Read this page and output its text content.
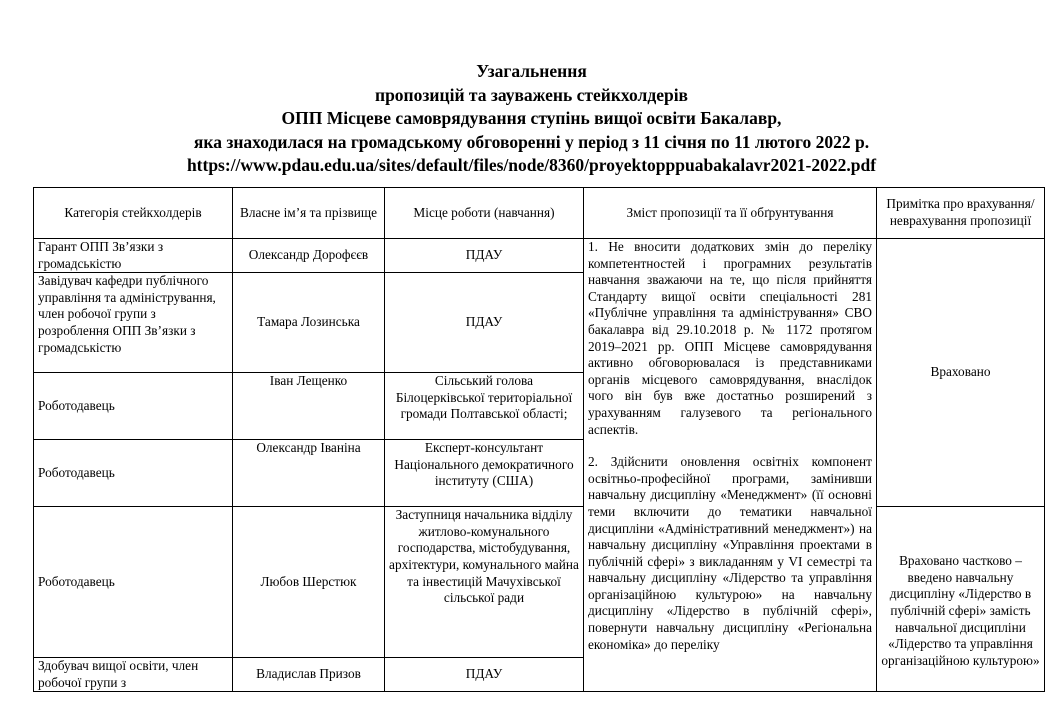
Узагальнення
пропозицій та зауважень стейкхолдерів
ОПП Місцеве самоврядування ступінь вищої освіти Бакалавр,
яка знаходилася на громадському обговоренні у період з 11 січня по 11 лютого 2022 р.
https://www.pdau.edu.ua/sites/default/files/node/8360/proyektopppuabakalavr2021-2022.pdf
Категорія стейкхолдерів	Власне ім’я та прізвище	Місце роботи (навчання)	Зміст пропозиції та її обґрунтування	Примітка про врахування/неврахування пропозиції
Гарант ОПП Зв’язки з громадськістю	Олександр Дорофєєв	ПДАУ	1. Не вносити додаткових змін до переліку компетентностей і програмних результатів навчання зважаючи на те, що після прийняття Стандарту вищої освіти спеціальності 281 «Публічне управління та адміністрування» СВО бакалавра від 29.10.2018 р. № 1172 протягом 2019–2021 рр. ОПП Місцеве самоврядування активно обговорювалася із представниками органів місцевого самоврядування, внаслідок чого він був вже достатньо розширений з урахуванням галузевого та регіонального аспектів.

2. Здійснити оновлення освітніх компонент освітньо-професійної програми, замінивши навчальну дисципліну «Менеджмент» (її основні теми включити до тематики навчальної дисципліни «Адміністративний менеджмент») на навчальну дисципліну «Управління проектами в публічній сфері» з викладанням у VI семестрі та навчальну дисципліну «Лідерство та управління організаційною культурою» на навчальну дисципліну «Лідерство в публічній сфері», повернути навчальну дисципліну «Регіональна економіка» до переліку	Враховано
Завідувач кафедри публічного управління та адміністрування, член робочої групи з розроблення ОПП Зв’язки з громадськістю	Тамара Лозинська	ПДАУ		
Роботодавець	Іван Лещенко	Сільський голова Білоцерківської територіальної громади Полтавської області;		
Роботодавець	Олександр Іваніна	Експерт-консультант Національного демократичного інституту (США)		
Роботодавець	Любов Шерстюк	Заступниця начальника відділу житлово-комунального господарства, містобудування, архітектури, комунального майна та інвестицій Мачухівської сільської ради		Враховано частково – введено навчальну дисципліну «Лідерство в публічній сфері» замість навчальної дисципліни «Лідерство та управління організаційною культурою»
Здобувач вищої освіти, член робочої групи з	Владислав Призов	ПДАУ		
